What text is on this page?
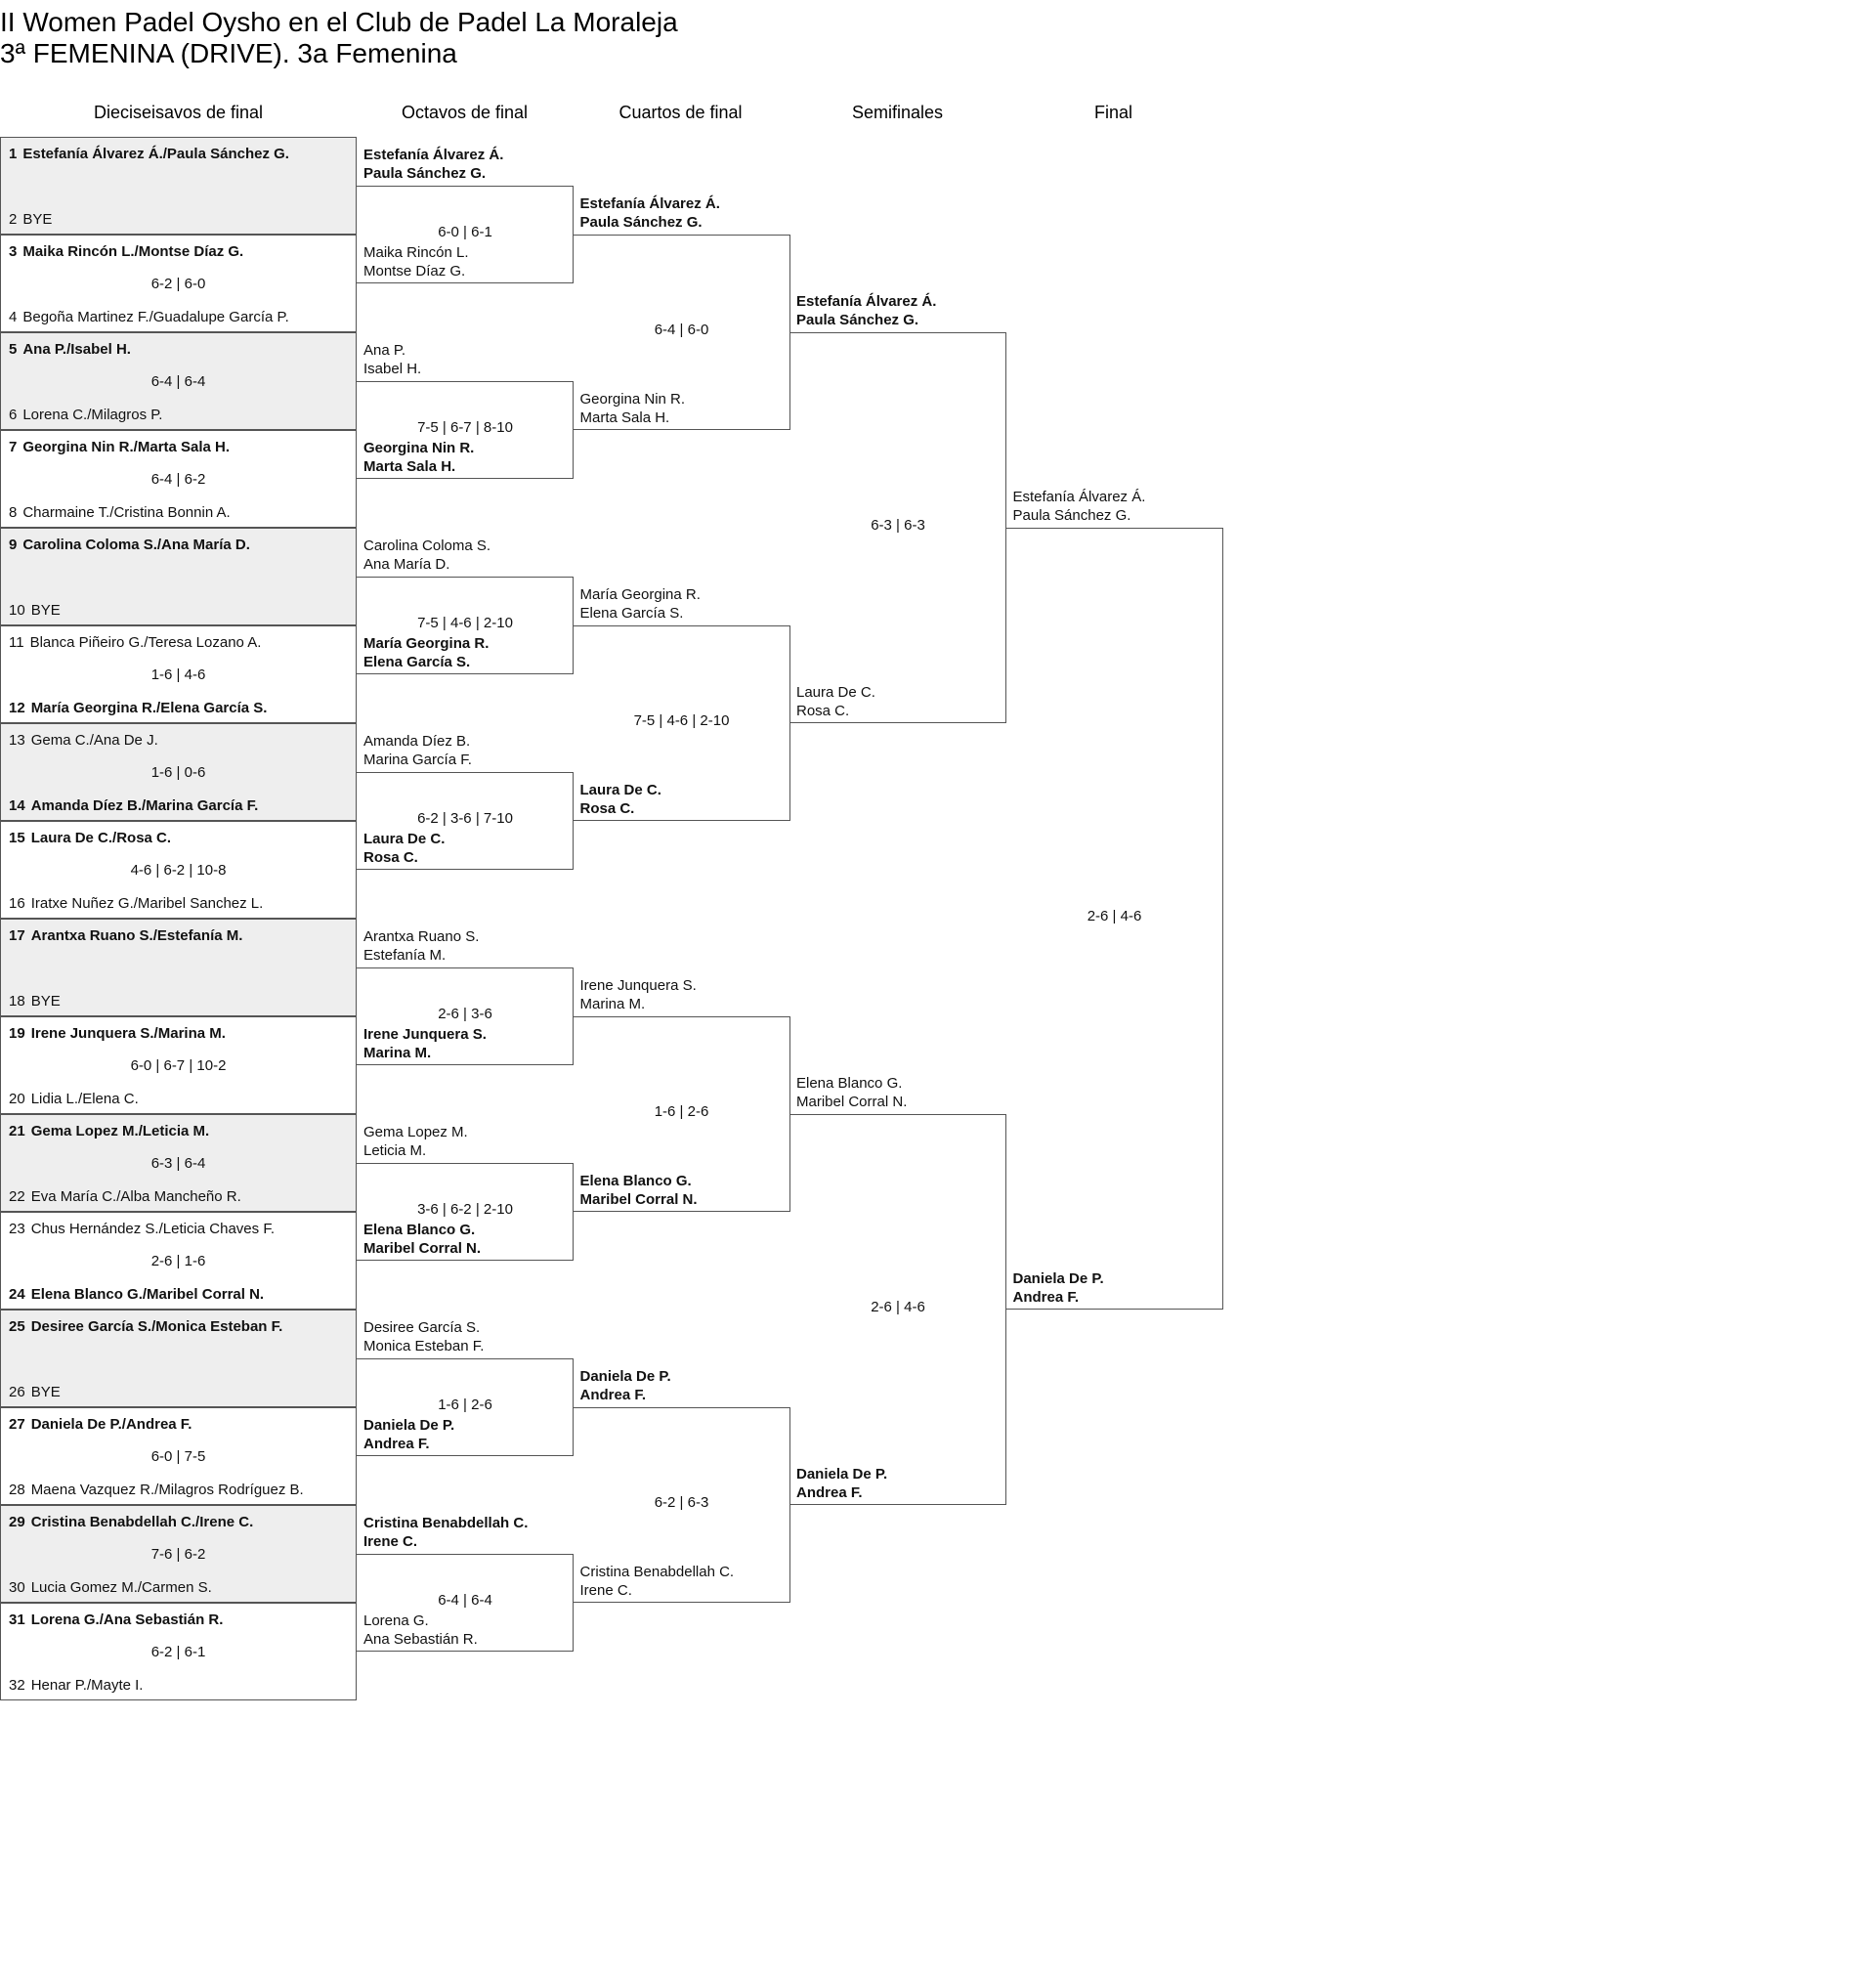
II Women Padel Oysho en el Club de Padel La Moraleja
3ª FEMENINA (DRIVE). 3a Femenina
Dieciseisavos de final	Octavos de final	Cuartos de final	Semifinales	Final
1 Estefanía Álvarez Á./Paula Sánchez G.
2 BYE
3 Maika Rincón L./Montse Díaz G.
4 Begoña Martinez F./Guadalupe García P.
6-2 | 6-0
5 Ana P./Isabel H.
6 Lorena C./Milagros P.
6-4 | 6-4
7 Georgina Nin R./Marta Sala H.
8 Charmaine T./Cristina Bonnin A.
6-4 | 6-2
9 Carolina Coloma S./Ana María D.
10 BYE
11 Blanca Piñeiro G./Teresa Lozano A.
12 María Georgina R./Elena García S.
1-6 | 4-6
13 Gema C./Ana De J.
14 Amanda Díez B./Marina García F.
1-6 | 0-6
15 Laura De C./Rosa C.
16 Iratxe Nuñez G./Maribel Sanchez L.
4-6 | 6-2 | 10-8
17 Arantxa Ruano S./Estefanía M.
18 BYE
19 Irene Junquera S./Marina M.
20 Lidia L./Elena C.
6-0 | 6-7 | 10-2
21 Gema Lopez M./Leticia M.
22 Eva María C./Alba Mancheño R.
6-3 | 6-4
23 Chus Hernández S./Leticia Chaves F.
24 Elena Blanco G./Maribel Corral N.
2-6 | 1-6
25 Desiree García S./Monica Esteban F.
26 BYE
27 Daniela De P./Andrea F.
28 Maena Vazquez R./Milagros Rodríguez B.
6-0 | 7-5
29 Cristina Benabdellah C./Irene C.
30 Lucia Gomez M./Carmen S.
7-6 | 6-2
31 Lorena G./Ana Sebastián R.
32 Henar P./Mayte I.
6-2 | 6-1
Estefanía Álvarez Á.
Paula Sánchez G.
Maika Rincón L.
Montse Díaz G.
6-0 | 6-1
Ana P.
Isabel H.
Georgina Nin R.
Marta Sala H.
7-5 | 6-7 | 8-10
Carolina Coloma S.
Ana María D.
María Georgina R.
Elena García S.
7-5 | 4-6 | 2-10
Amanda Díez B.
Marina García F.
Laura De C.
Rosa C.
6-2 | 3-6 | 7-10
Arantxa Ruano S.
Estefanía M.
Irene Junquera S.
Marina M.
2-6 | 3-6
Gema Lopez M.
Leticia M.
Elena Blanco G.
Maribel Corral N.
3-6 | 6-2 | 2-10
Desiree García S.
Monica Esteban F.
Daniela De P.
Andrea F.
1-6 | 2-6
Cristina Benabdellah C.
Irene C.
Lorena G.
Ana Sebastián R.
6-4 | 6-4
Estefanía Álvarez Á.
Paula Sánchez G.
Georgina Nin R.
Marta Sala H.
6-4 | 6-0
María Georgina R.
Elena García S.
Laura De C.
Rosa C.
7-5 | 4-6 | 2-10
Irene Junquera S.
Marina M.
Elena Blanco G.
Maribel Corral N.
1-6 | 2-6
Daniela De P.
Andrea F.
Cristina Benabdellah C.
Irene C.
6-2 | 6-3
Estefanía Álvarez Á.
Paula Sánchez G.
Laura De C.
Rosa C.
6-3 | 6-3
Elena Blanco G.
Maribel Corral N.
Daniela De P.
Andrea F.
2-6 | 4-6
Estefanía Álvarez Á.
Paula Sánchez G.
Daniela De P.
Andrea F.
2-6 | 4-6
